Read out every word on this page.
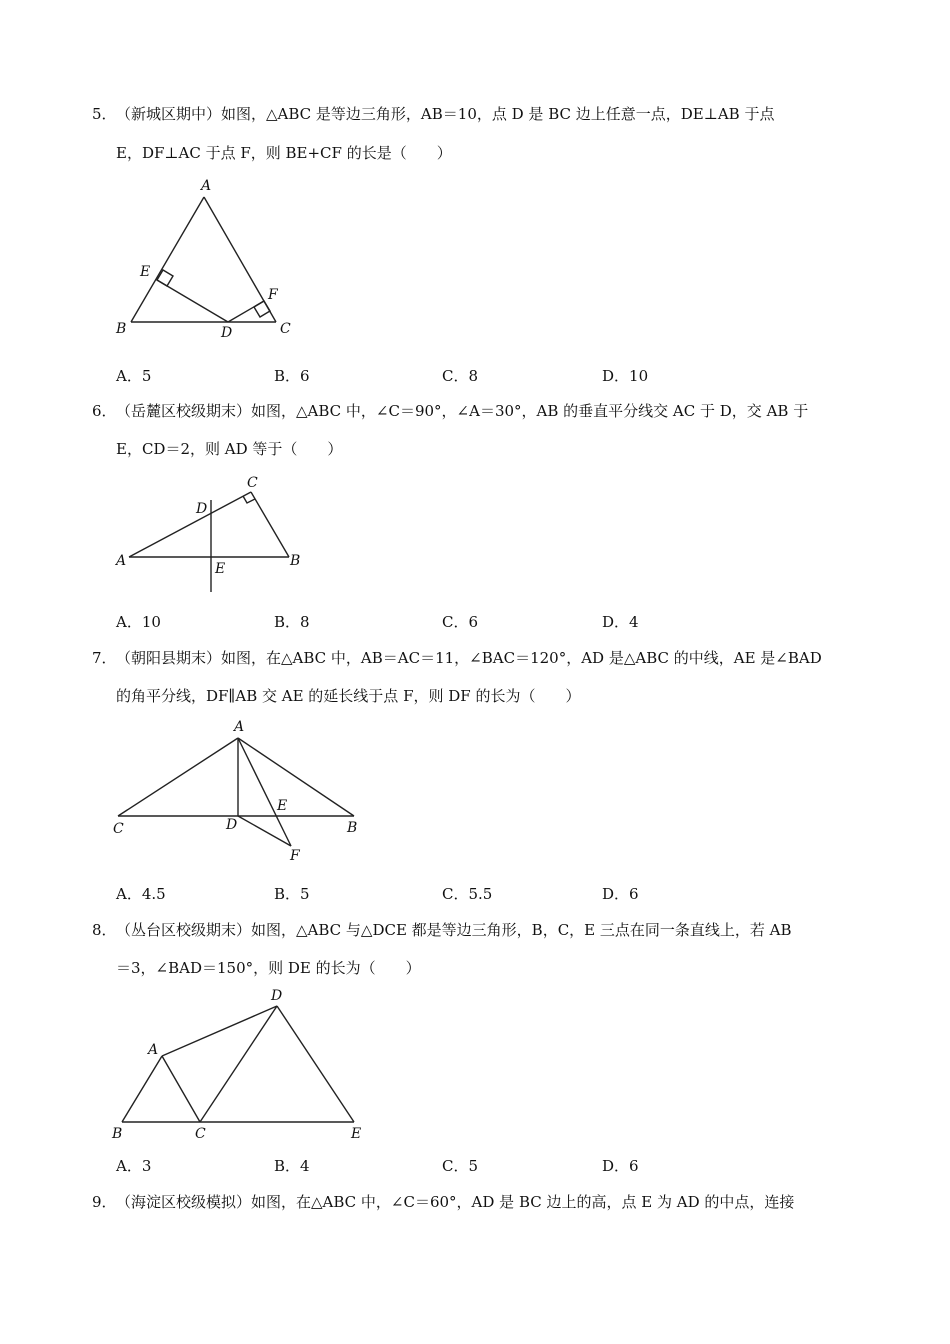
5． （新城区期中）如图，△ABC 是等边三角形，AB＝10，点 D 是 BC 边上任意一点，DE⊥AB 于点
E，DF⊥AC 于点 F，则 BE+CF 的长是（　　）
A
B	C
D
E
F
A．5	B．6	C．8	D．10
6． （岳麓区校级期末）如图，△ABC 中，∠C＝90°，∠A＝30°，AB 的垂直平分线交 AC 于 D，交 AB 于
E，CD＝2，则 AD 等于（　　）
A	B
C
D
E
A．10	B．8	C．6	D．4
7． （朝阳县期末）如图，在△ABC 中，AB＝AC＝11，∠BAC＝120°，AD 是△ABC 的中线，AE 是∠BAD
的角平分线，DF∥AB 交 AE 的延长线于点 F，则 DF 的长为（　　）
A
B
C	D
E
F
A．4.5	B．5	C．5.5	D．6
8． （丛台区校级期末）如图，△ABC 与△DCE 都是等边三角形，B，C，E 三点在同一条直线上，若 AB
＝3，∠BAD＝150°，则 DE 的长为（　　）
A
B	C
D
E
A．3	B．4	C．5	D．6
9． （海淀区校级模拟）如图，在△ABC 中，∠C＝60°，AD 是 BC 边上的高，点 E 为 AD 的中点，连接
